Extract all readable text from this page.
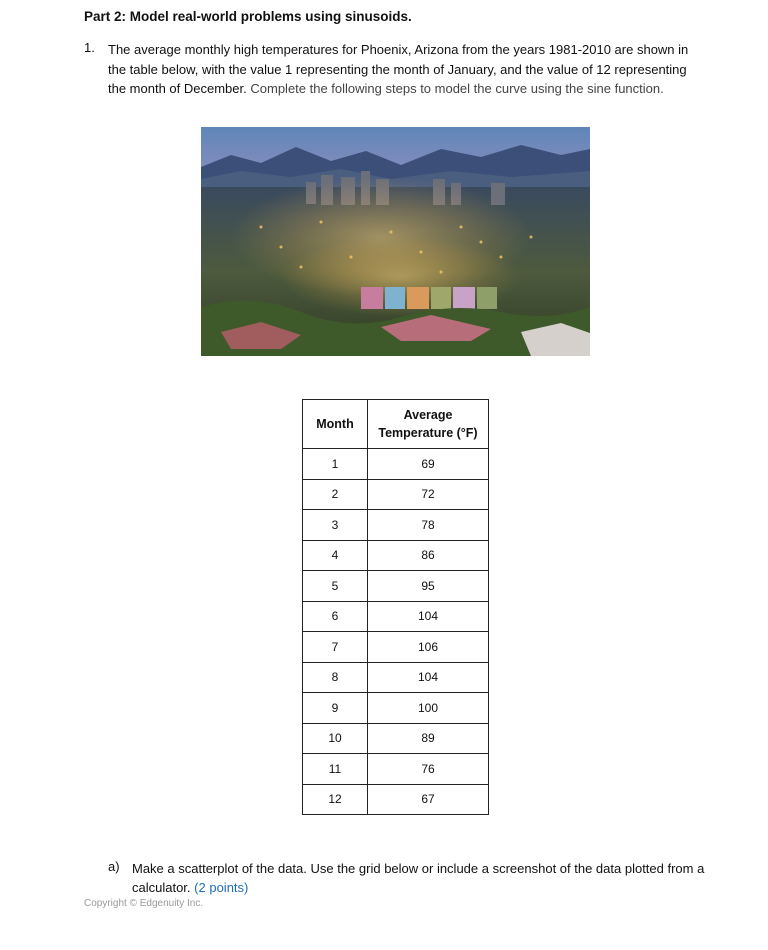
Part 2: Model real-world problems using sinusoids.
1. The average monthly high temperatures for Phoenix, Arizona from the years 1981-2010 are shown in the table below, with the value 1 representing the month of January, and the value of 12 representing the month of December. Complete the following steps to model the curve using the sine function.

Month	Average Temperature (°F)
1	69
2	72
3	78
4	86
5	95
6	104
7	106
8	104
9	100
10	89
11	76
12	67
a) Make a scatterplot of the data. Use the grid below or include a screenshot of the data plotted from a calculator. (2 points)

Copyright © Edgenuity Inc.
